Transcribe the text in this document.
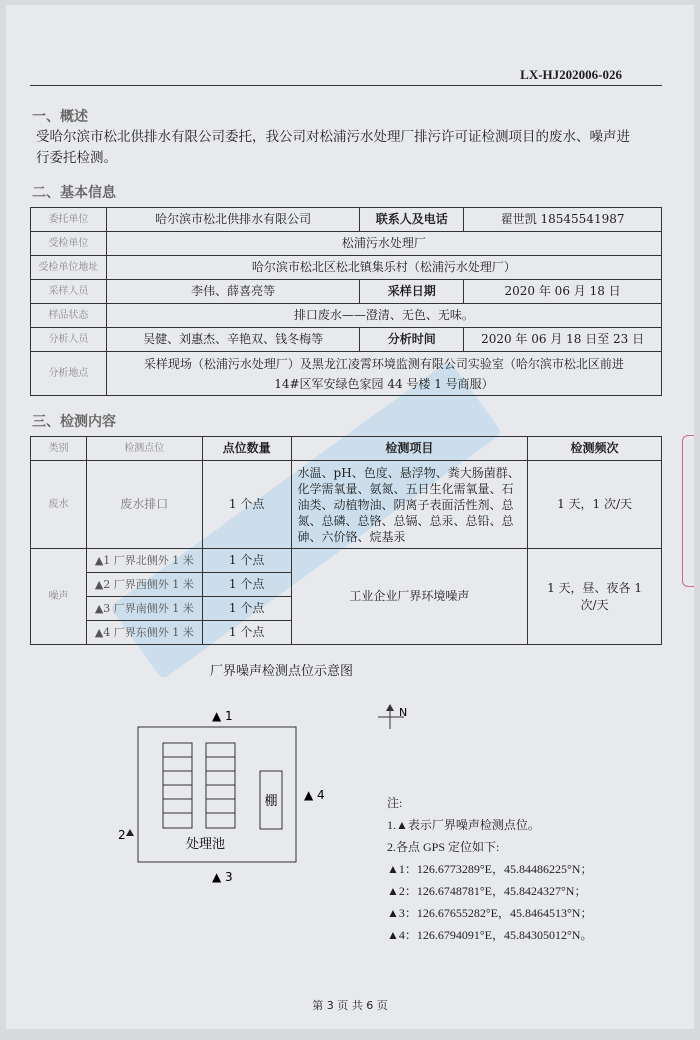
LX-HJ202006-026
一、概述
受哈尔滨市松北供排水有限公司委托，我公司对松浦污水处理厂排污许可证检测项目的废水、噪声进行委托检测。
二、基本信息
委托单位	哈尔滨市松北供排水有限公司	联系人及电话	翟世凯 18545541987
受检单位	松浦污水处理厂		
受检单位地址	哈尔滨市松北区松北镇集乐村（松浦污水处理厂）		
采样人员	李伟、薛喜亮等	采样日期	2020 年 06 月 18 日
样品状态	排口废水——澄清、无色、无味。		
分析人员	吴健、刘惠杰、辛艳双、钱冬梅等	分析时间	2020 年 06 月 18 日至 23 日
分析地点	采样现场（松浦污水处理厂）及黑龙江凌霄环境监测有限公司实验室（哈尔滨市松北区前进 14#区军安绿色家园 44 号楼 1 号商服）		
三、检测内容
类别	检测点位	点位数量	检测项目	检测频次
废水	废水排口	1 个点	水温、pH、色度、悬浮物、粪大肠菌群、化学需氧量、氨氮、五日生化需氧量、石油类、动植物油、阴离子表面活性剂、总氮、总磷、总铬、总镉、总汞、总铅、总砷、六价铬、烷基汞	1 天，1 次/天
噪声	▲1 厂界北侧外 1 米	1 个点	工业企业厂界环境噪声	1 天，昼、夜各 1 次/天
	▲2 厂界西侧外 1 米	1 个点		
	▲3 厂界南侧外 1 米	1 个点		
	▲4 厂界东侧外 1 米	1 个点		
厂界噪声检测点位示意图
棚
处理池
▲ 1
2
▲ 3
▲ 4
N
注:
1.▲表示厂界噪声检测点位。
2.各点 GPS 定位如下:
▲1：126.6773289°E，45.84486225°N；
▲2：126.6748781°E，45.8424327°N；
▲3：126.67655282°E，45.8464513°N；
▲4：126.6794091°E，45.84305012°N。
第 3 页 共 6 页
